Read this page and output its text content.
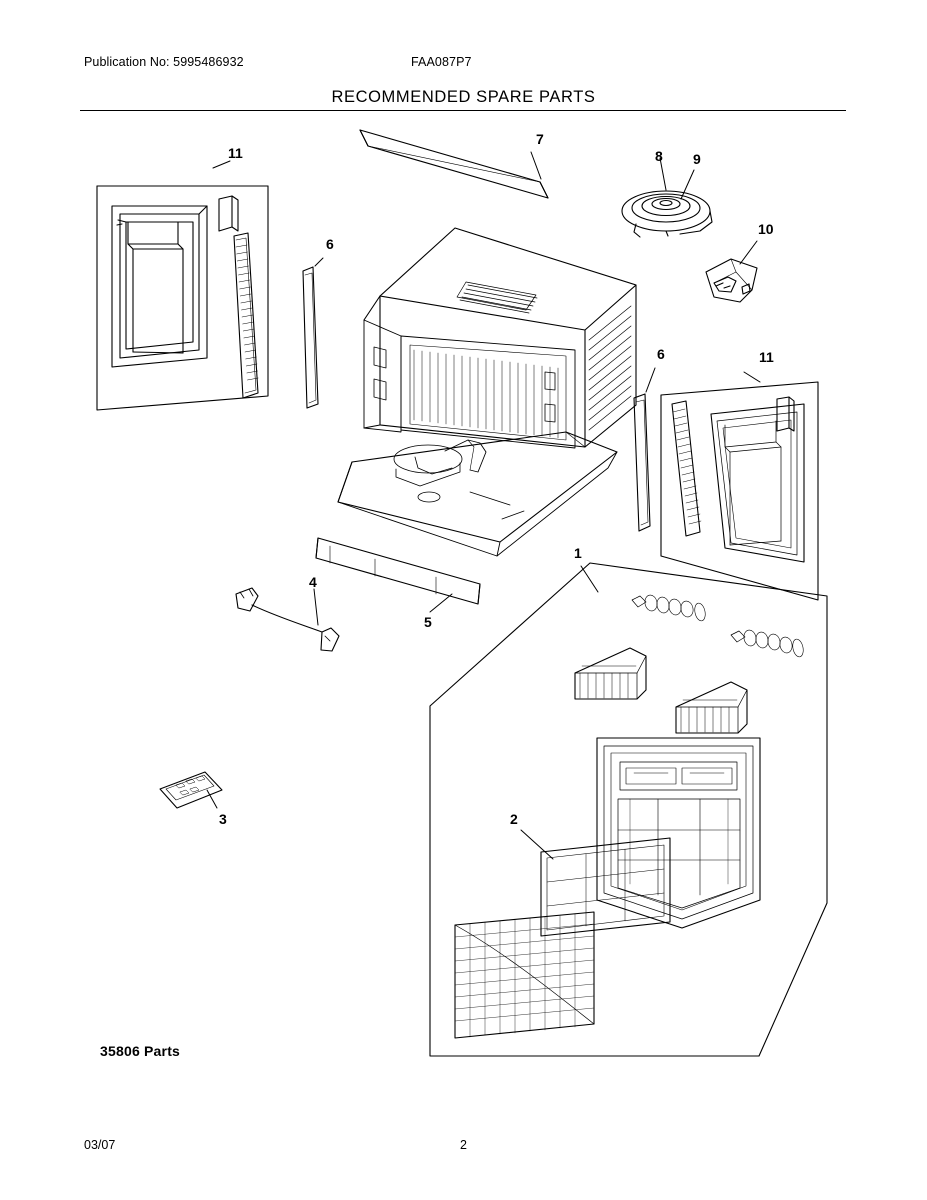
Publication No: 5995486932	FAA087P7
RECOMMENDED SPARE PARTS
1
2
3
4
5
6
6
7
8 9
10
11
11
35806 Parts
03/07	2
